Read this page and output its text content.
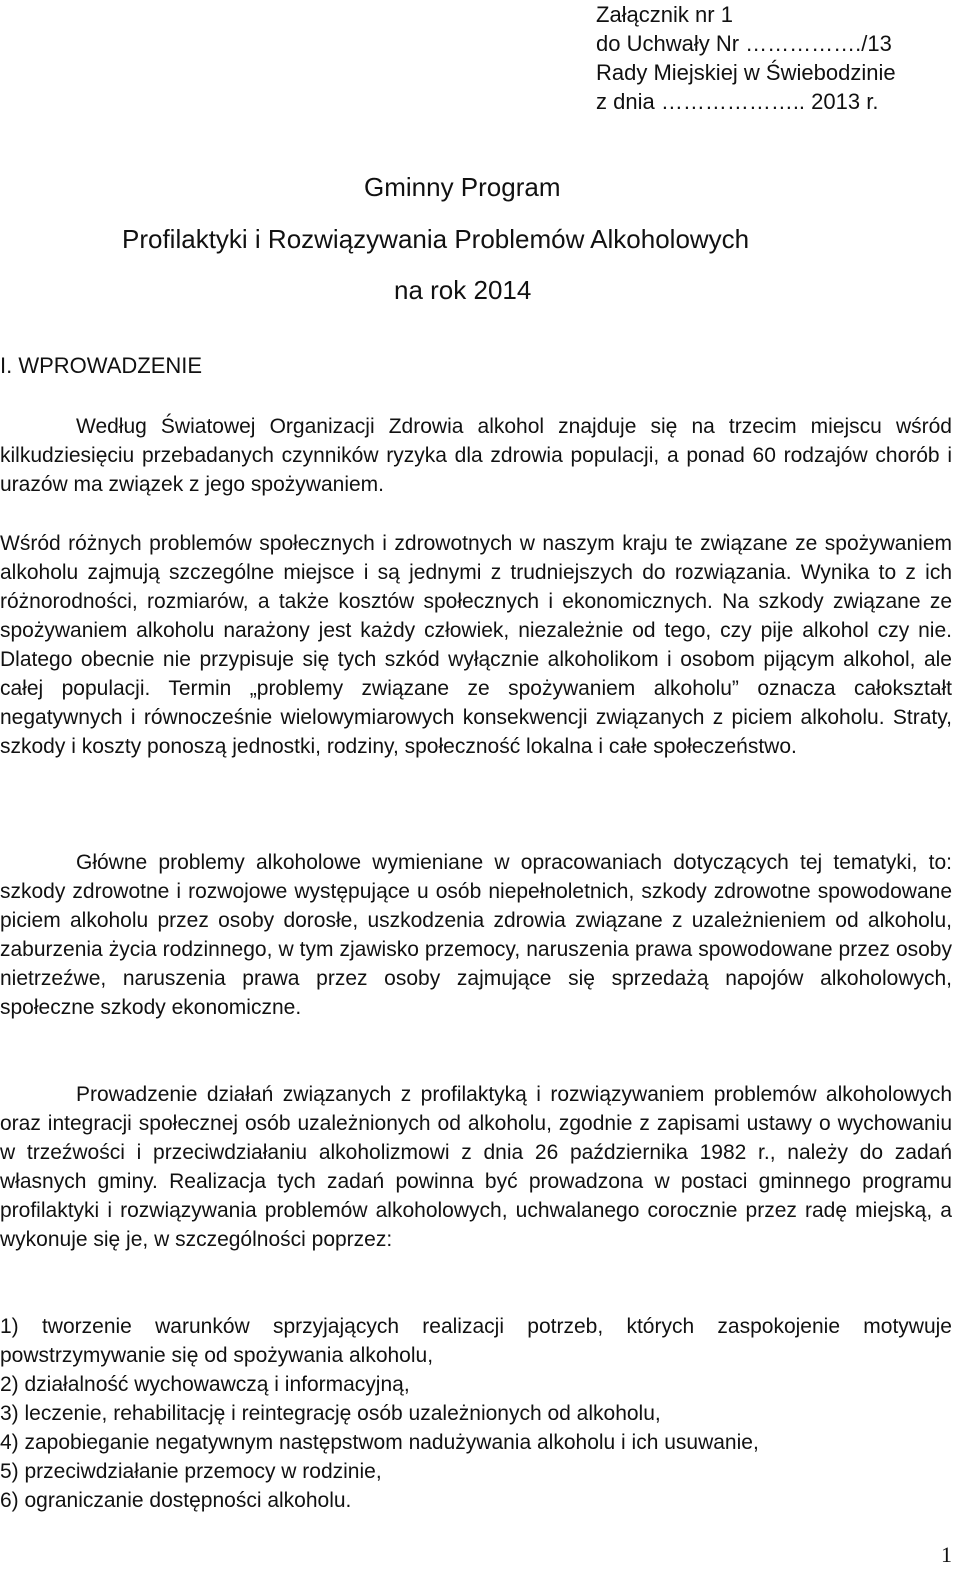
Załącznik nr 1
do Uchwały Nr ……………./13
Rady Miejskiej w Świebodzinie
z dnia ……………….. 2013 r.
Gminny Program
Profilaktyki i Rozwiązywania Problemów Alkoholowych
na rok 2014
I. WPROWADZENIE

Według Światowej Organizacji Zdrowia alkohol znajduje się na trzecim miejscu wśród kilkudziesięciu przebadanych czynników ryzyka dla zdrowia populacji, a ponad 60 rodzajów chorób i urazów ma związek z jego spożywaniem.

Wśród różnych problemów społecznych i zdrowotnych w naszym kraju te związane ze spożywaniem alkoholu zajmują szczególne miejsce i są jednymi z trudniejszych do rozwiązania. Wynika to z ich różnorodności, rozmiarów, a także kosztów społecznych i ekonomicznych. Na szkody związane ze spożywaniem alkoholu narażony jest każdy człowiek, niezależnie od tego, czy pije alkohol czy nie. Dlatego obecnie nie przypisuje się tych szkód wyłącznie alkoholikom i osobom pijącym alkohol, ale całej populacji. Termin „problemy związane ze spożywaniem alkoholu” oznacza całokształt negatywnych i równocześnie wielowymiarowych konsekwencji związanych z piciem alkoholu. Straty, szkody i koszty ponoszą jednostki, rodziny, społeczność lokalna i całe społeczeństwo.

Główne problemy alkoholowe wymieniane w opracowaniach dotyczących tej tematyki, to: szkody zdrowotne i rozwojowe występujące u osób niepełnoletnich, szkody zdrowotne spowodowane piciem alkoholu przez osoby dorosłe, uszkodzenia zdrowia związane z uzależnieniem od alkoholu, zaburzenia życia rodzinnego, w tym zjawisko przemocy, naruszenia prawa spowodowane przez osoby nietrzeźwe, naruszenia prawa przez osoby zajmujące się sprzedażą napojów alkoholowych, społeczne szkody ekonomiczne.

Prowadzenie działań związanych z profilaktyką i rozwiązywaniem problemów alkoholowych oraz integracji społecznej osób uzależnionych od alkoholu, zgodnie z zapisami ustawy o wychowaniu w trzeźwości i przeciwdziałaniu alkoholizmowi z dnia 26 października 1982 r., należy do zadań własnych gminy. Realizacja tych zadań powinna być prowadzona w postaci gminnego programu profilaktyki i rozwiązywania problemów alkoholowych, uchwalanego corocznie przez radę miejską, a wykonuje się je, w szczególności poprzez:

1) tworzenie warunków sprzyjających realizacji potrzeb, których zaspokojenie motywuje powstrzymywanie się od spożywania alkoholu,
2) działalność wychowawczą i informacyjną,
3) leczenie, rehabilitację i reintegrację osób uzależnionych od alkoholu,
4) zapobieganie negatywnym następstwom nadużywania alkoholu i ich usuwanie,
5) przeciwdziałanie przemocy w rodzinie,
6) ograniczanie dostępności alkoholu.
1
